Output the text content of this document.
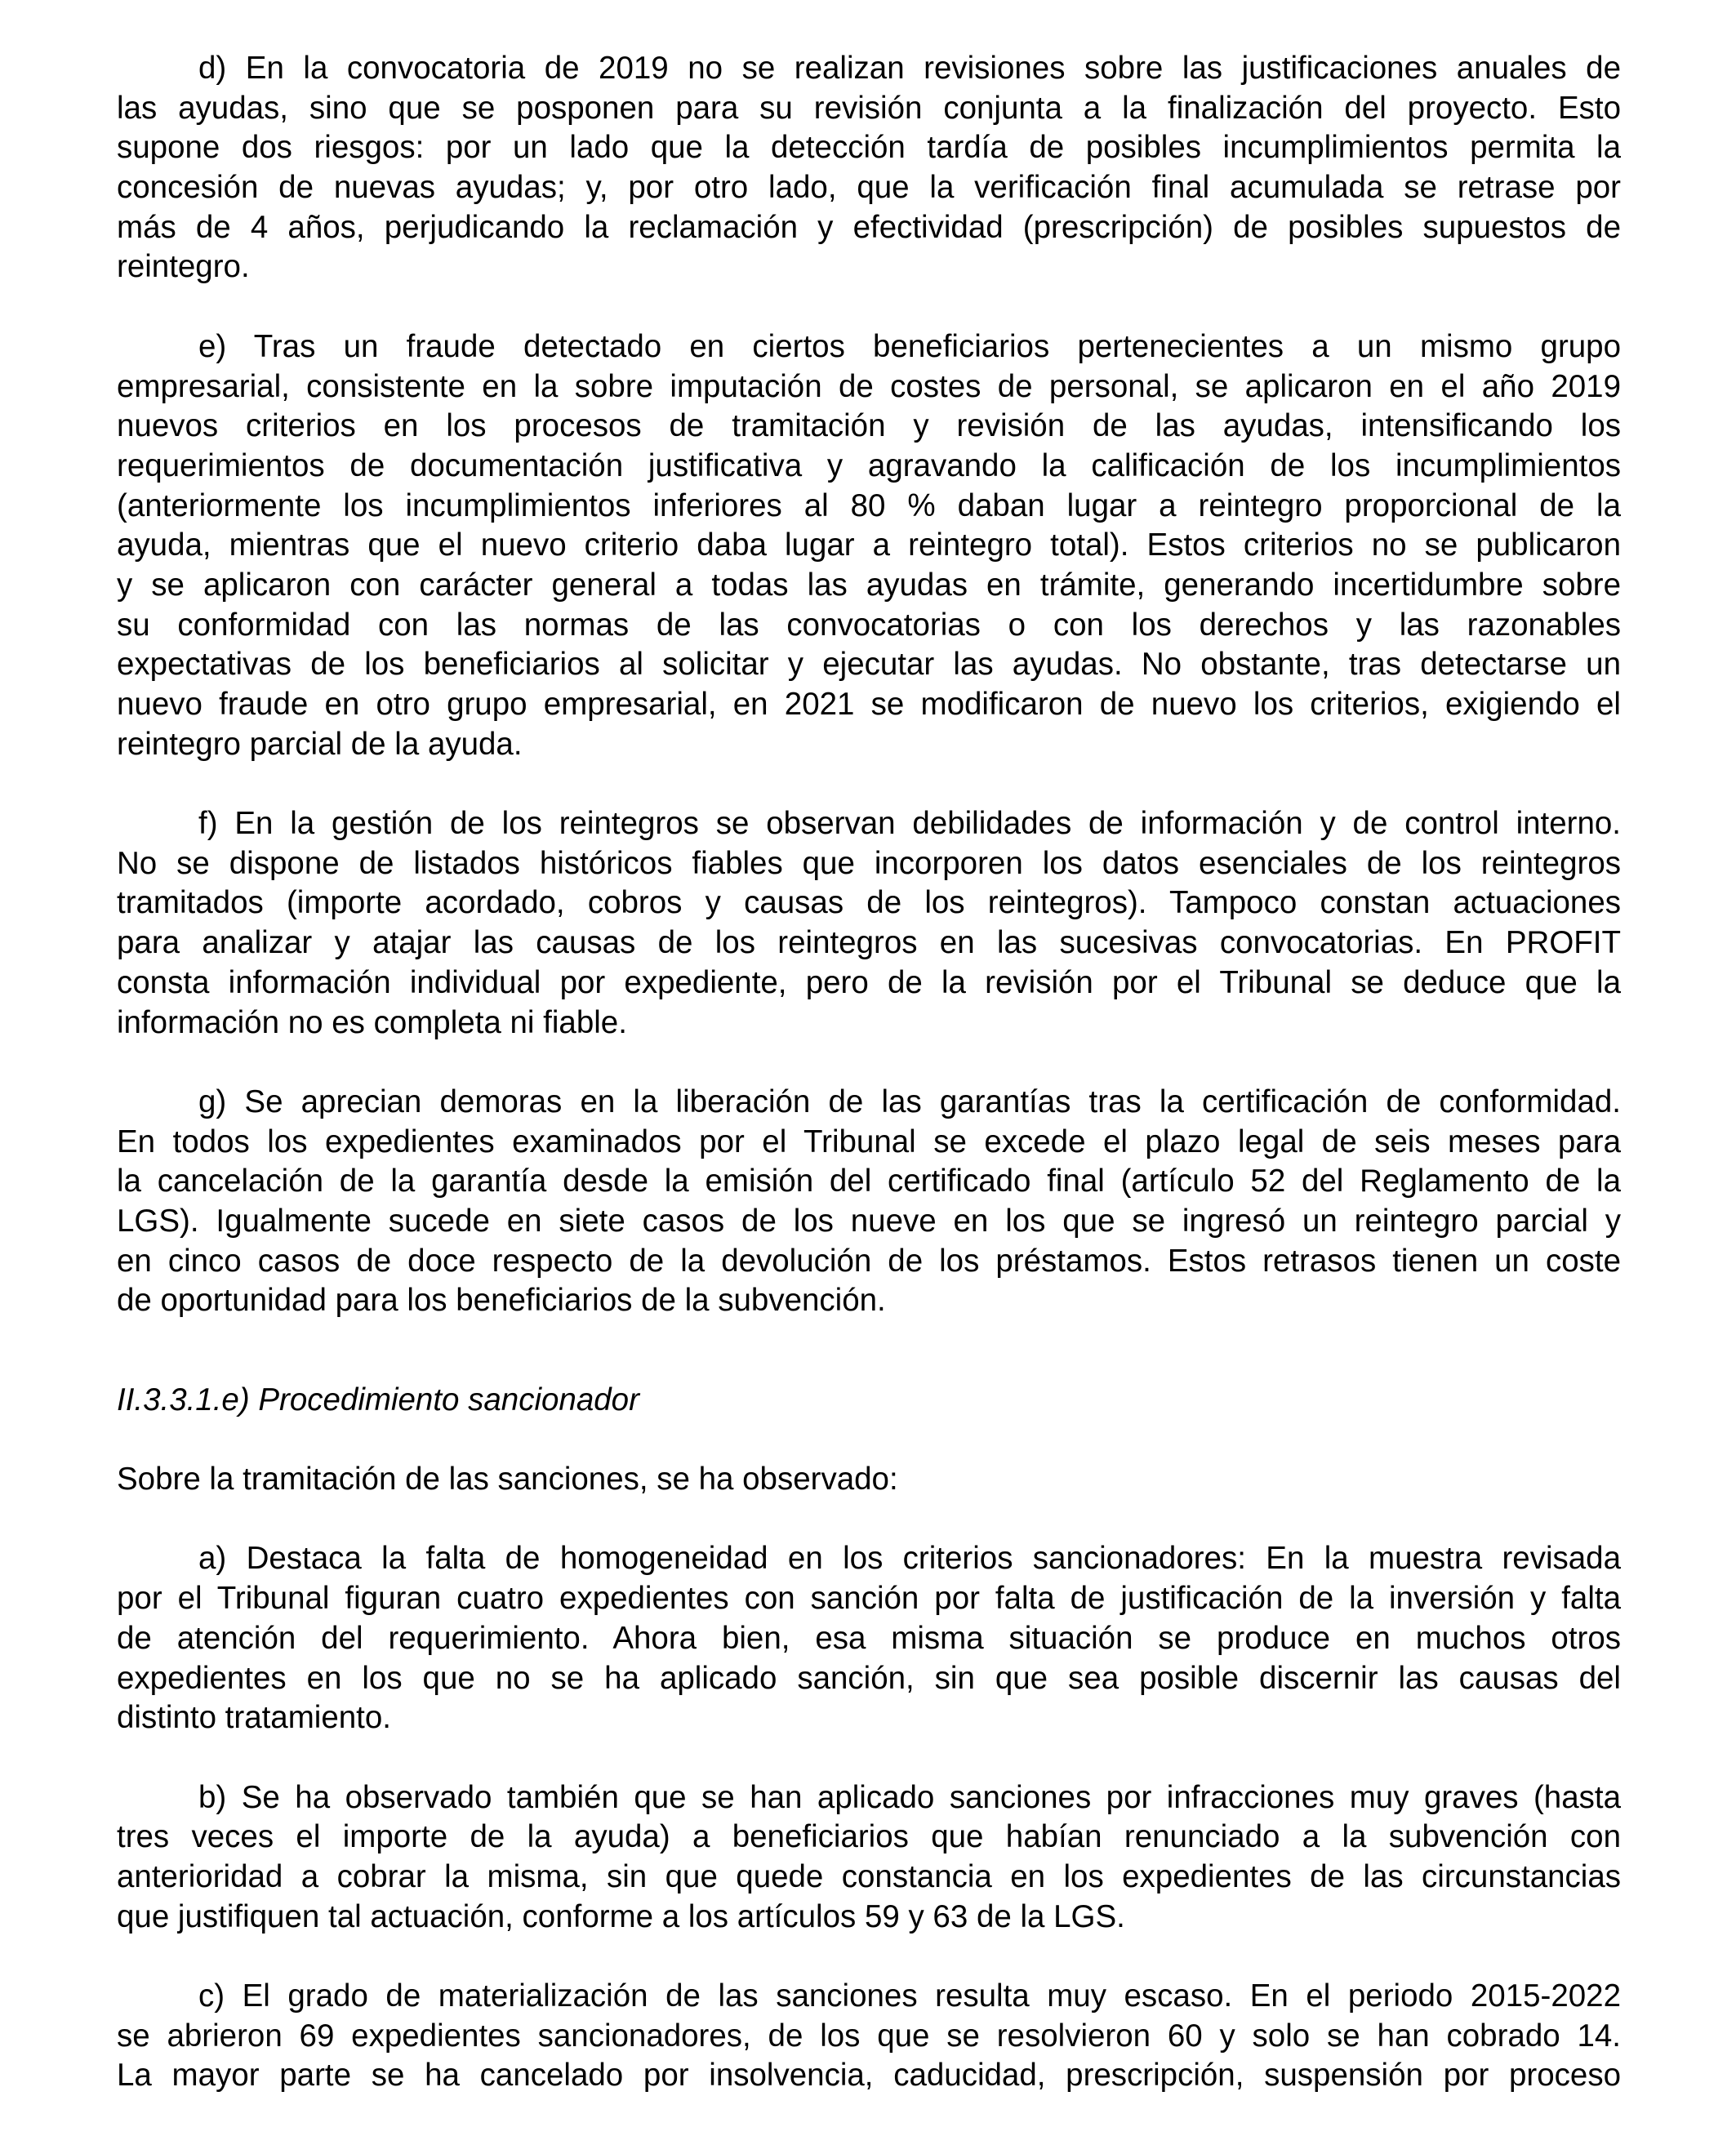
d) En la convocatoria de 2019 no se realizan revisiones sobre las justificaciones anuales de
las ayudas, sino que se posponen para su revisión conjunta a la finalización del proyecto. Esto
supone dos riesgos: por un lado que la detección tardía de posibles incumplimientos permita la
concesión de nuevas ayudas; y, por otro lado, que la verificación final acumulada se retrase por
más de 4 años, perjudicando la reclamación y efectividad (prescripción) de posibles supuestos de
reintegro.
e) Tras un fraude detectado en ciertos beneficiarios pertenecientes a un mismo grupo
empresarial, consistente en la sobre imputación de costes de personal, se aplicaron en el año 2019
nuevos criterios en los procesos de tramitación y revisión de las ayudas, intensificando los
requerimientos de documentación justificativa y agravando la calificación de los incumplimientos
(anteriormente los incumplimientos inferiores al 80 % daban lugar a reintegro proporcional de la
ayuda, mientras que el nuevo criterio daba lugar a reintegro total). Estos criterios no se publicaron
y se aplicaron con carácter general a todas las ayudas en trámite, generando incertidumbre sobre
su conformidad con las normas de las convocatorias o con los derechos y las razonables
expectativas de los beneficiarios al solicitar y ejecutar las ayudas. No obstante, tras detectarse un
nuevo fraude en otro grupo empresarial, en 2021 se modificaron de nuevo los criterios, exigiendo el
reintegro parcial de la ayuda.
f) En la gestión de los reintegros se observan debilidades de información y de control interno.
No se dispone de listados históricos fiables que incorporen los datos esenciales de los reintegros
tramitados (importe acordado, cobros y causas de los reintegros). Tampoco constan actuaciones
para analizar y atajar las causas de los reintegros en las sucesivas convocatorias. En PROFIT
consta información individual por expediente, pero de la revisión por el Tribunal se deduce que la
información no es completa ni fiable.
g) Se aprecian demoras en la liberación de las garantías tras la certificación de conformidad.
En todos los expedientes examinados por el Tribunal se excede el plazo legal de seis meses para
la cancelación de la garantía desde la emisión del certificado final (artículo 52 del Reglamento de la
LGS). Igualmente sucede en siete casos de los nueve en los que se ingresó un reintegro parcial y
en cinco casos de doce respecto de la devolución de los préstamos. Estos retrasos tienen un coste
de oportunidad para los beneficiarios de la subvención.
II.3.3.1.e) Procedimiento sancionador
Sobre la tramitación de las sanciones, se ha observado:
a) Destaca la falta de homogeneidad en los criterios sancionadores: En la muestra revisada
por el Tribunal figuran cuatro expedientes con sanción por falta de justificación de la inversión y falta
de atención del requerimiento. Ahora bien, esa misma situación se produce en muchos otros
expedientes en los que no se ha aplicado sanción, sin que sea posible discernir las causas del
distinto tratamiento.
b) Se ha observado también que se han aplicado sanciones por infracciones muy graves (hasta
tres veces el importe de la ayuda) a beneficiarios que habían renunciado a la subvención con
anterioridad a cobrar la misma, sin que quede constancia en los expedientes de las circunstancias
que justifiquen tal actuación, conforme a los artículos 59 y 63 de la LGS.
c) El grado de materialización de las sanciones resulta muy escaso. En el periodo 2015-2022
se abrieron 69 expedientes sancionadores, de los que se resolvieron 60 y solo se han cobrado 14.
La mayor parte se ha cancelado por insolvencia, caducidad, prescripción, suspensión por proceso
